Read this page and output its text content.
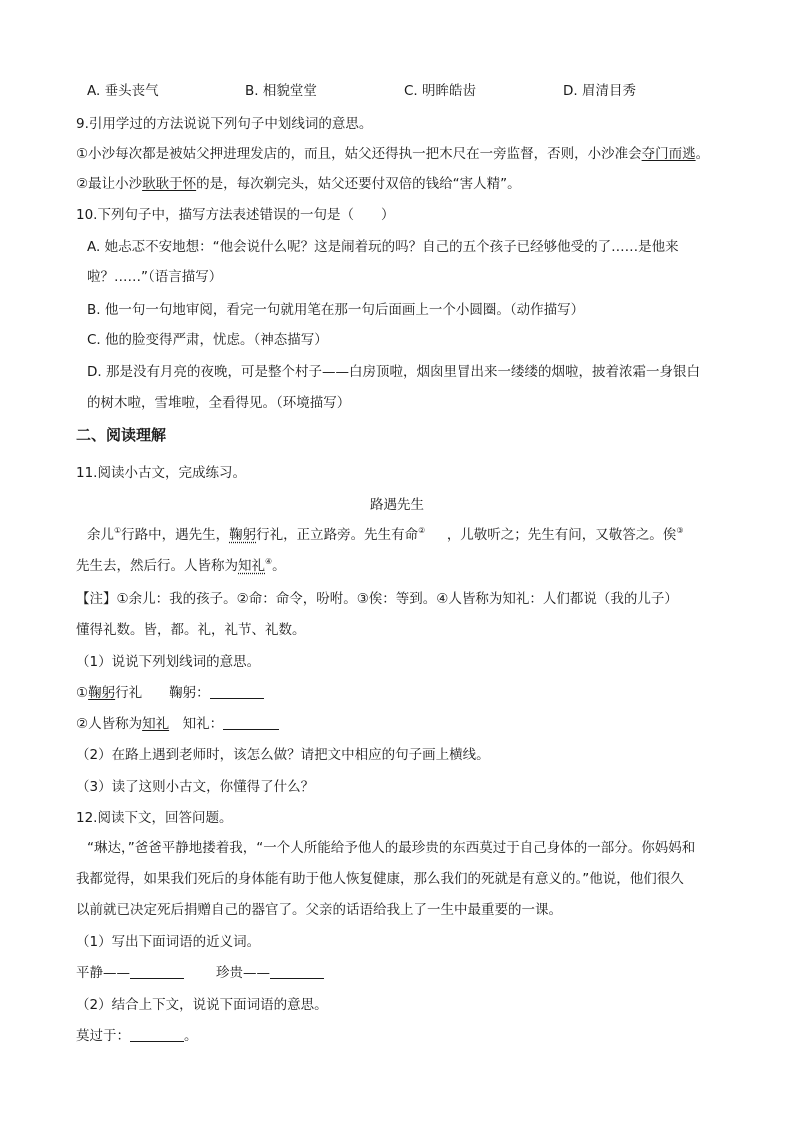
A. 垂头丧气	B. 相貌堂堂	C. 明眸皓齿	D. 眉清目秀
9.引用学过的方法说说下列句子中划线词的意思。
①小沙每次都是被姑父押进理发店的，而且，姑父还得执一把木尺在一旁监督，否则，小沙准会夺门而逃。
②最让小沙耿耿于怀的是，每次剃完头，姑父还要付双倍的钱给“害人精”。
10.下列句子中，描写方法表述错误的一句是（　　）
A. 她忐忑不安地想：“他会说什么呢？这是闹着玩的吗？自己的五个孩子已经够他受的了……是他来
啦？……”（语言描写）
B. 他一句一句地审阅，看完一句就用笔在那一句后面画上一个小圆圈。（动作描写）
C. 他的脸变得严肃，忧虑。（神态描写）
D. 那是没有月亮的夜晚，可是整个村子——白房顶啦，烟囱里冒出来一缕缕的烟啦，披着浓霜一身银白
的树木啦，雪堆啦，全看得见。（环境描写）
二、阅读理解
11.阅读小古文，完成练习。
路遇先生
余儿①行路中，遇先生，鞠躬行礼，正立路旁。先生有命② ，儿敬听之；先生有问，又敬答之。俟③
先生去，然后行。人皆称为知礼④。
【注】①余儿：我的孩子。②命：命令，吩咐。③俟：等到。④人皆称为知礼：人们都说（我的儿子）
懂得礼数。皆，都。礼，礼节、礼数。
（1）说说下列划线词的意思。
①鞠躬行礼　　鞠躬：
②人皆称为知礼　知礼：
（2）在路上遇到老师时，该怎么做？请把文中相应的句子画上横线。
（3）读了这则小古文，你懂得了什么？
12.阅读下文，回答问题。
“琳达，”爸爸平静地搂着我，“一个人所能给予他人的最珍贵的东西莫过于自己身体的一部分。你妈妈和
我都觉得，如果我们死后的身体能有助于他人恢复健康，那么我们的死就是有意义的。”他说，他们很久
以前就已决定死后捐赠自己的器官了。父亲的话语给我上了一生中最重要的一课。
（1）写出下面词语的近义词。
平静——	珍贵——
（2）结合上下文，说说下面词语的意思。
莫过于：	。
